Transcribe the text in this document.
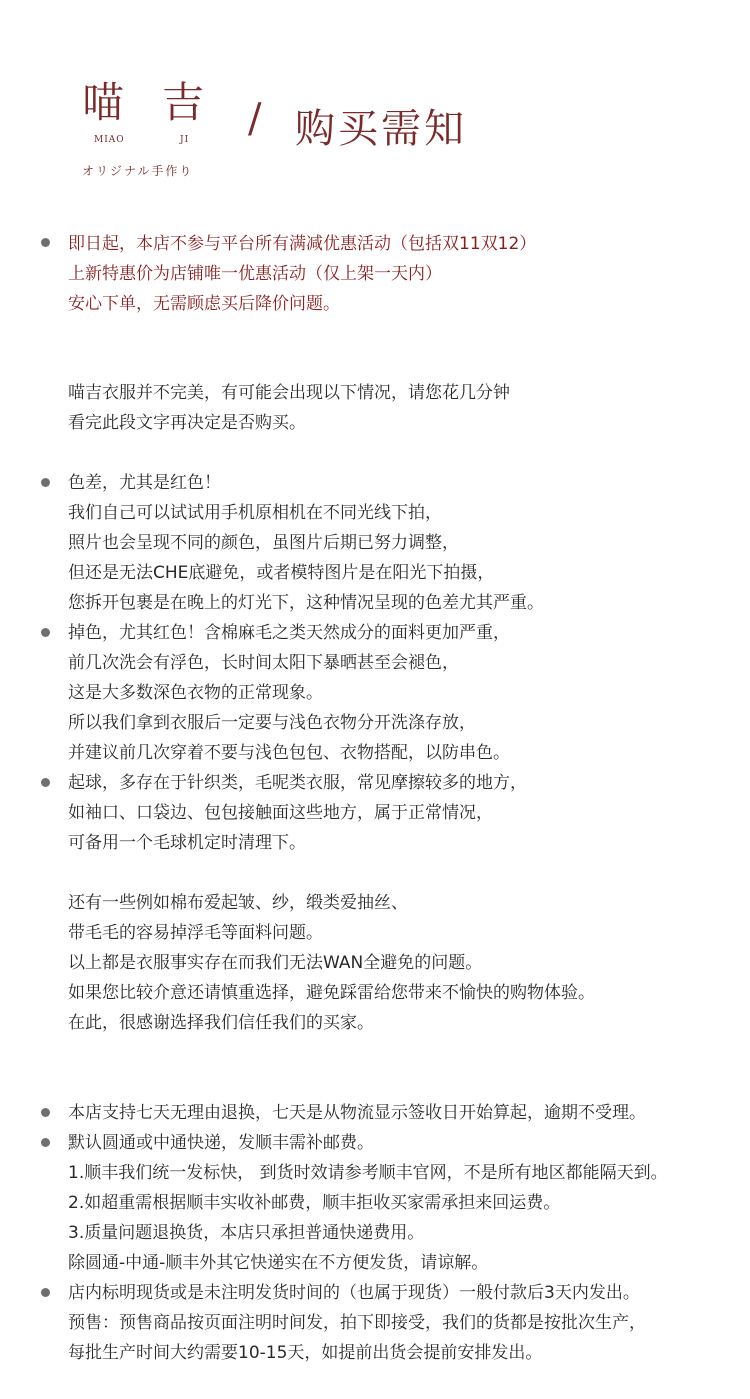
喵 吉
MIAO	JI
オリジナル手作り
/ 购买需知
即日起，本店不参与平台所有满减优惠活动（包括双11双12）
上新特惠价为店铺唯一优惠活动（仅上架一天内）
安心下单，无需顾虑买后降价问题。
喵吉衣服并不完美，有可能会出现以下情况，请您花几分钟
看完此段文字再决定是否购买。
色差，尤其是红色！
我们自己可以试试用手机原相机在不同光线下拍，
照片也会呈现不同的颜色，虽图片后期已努力调整，
但还是无法CHE底避免，或者模特图片是在阳光下拍摄，
您拆开包裹是在晚上的灯光下，这种情况呈现的色差尤其严重。
掉色，尤其红色！含棉麻毛之类天然成分的面料更加严重，
前几次洗会有浮色，长时间太阳下暴晒甚至会褪色，
这是大多数深色衣物的正常现象。
所以我们拿到衣服后一定要与浅色衣物分开洗涤存放，
并建议前几次穿着不要与浅色包包、衣物搭配，以防串色。
起球，多存在于针织类，毛呢类衣服，常见摩擦较多的地方，
如袖口、口袋边、包包接触面这些地方，属于正常情况，
可备用一个毛球机定时清理下。
还有一些例如棉布爱起皱、纱，缎类爱抽丝、
带毛毛的容易掉浮毛等面料问题。
以上都是衣服事实存在而我们无法WAN全避免的问题。
如果您比较介意还请慎重选择，避免踩雷给您带来不愉快的购物体验。
在此，很感谢选择我们信任我们的买家。
本店支持七天无理由退换，七天是从物流显示签收日开始算起，逾期不受理。
默认圆通或中通快递，发顺丰需补邮费。
1.顺丰我们统一发标快， 到货时效请参考顺丰官网，不是所有地区都能隔天到。
2.如超重需根据顺丰实收补邮费，顺丰拒收买家需承担来回运费。
3.质量问题退换货，本店只承担普通快递费用。
除圆通-中通-顺丰外其它快递实在不方便发货，请谅解。
店内标明现货或是未注明发货时间的（也属于现货）一般付款后3天内发出。
预售：预售商品按页面注明时间发，拍下即接受，我们的货都是按批次生产，
每批生产时间大约需要10-15天，如提前出货会提前安排发出。
